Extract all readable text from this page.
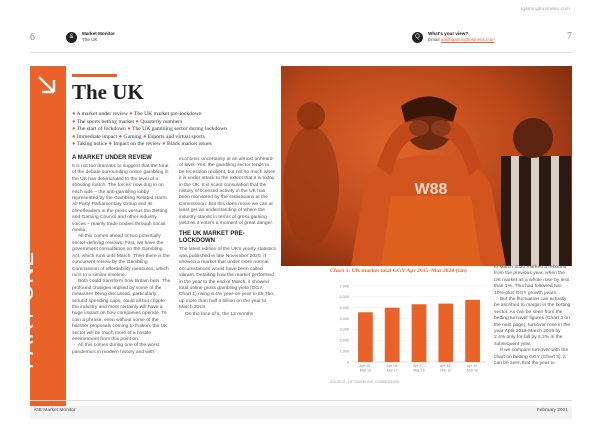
igamingbusiness.com
6	&
Market Monitor
The UK	Q
What's your view?
Email aa@igamingbusiness.com	7
PART ONE
W88
The UK
● A market under review ● The UK market pre-lockdown
● The sports betting market ● Quarterly numbers
● The start of lockdown ● The UK gambling sector during lockdown
● Immediate impact ● Gaming ● Esports and virtual sports
● Taking notice ● Impact on the review ● Black market issues
A MARKET UNDER REVIEW

It is not too dramatic to suggest that the tone of the debate surrounding online gambling in the UK has deteriorated to the level of a shouting match. The forces' now dug in on each side – the anti-gambling lobby represented by the Gambling Related Harm All Party Parliamentary Group and its cheerleaders in the press versus the Betting and Gaming Council and other industry voices – mainly trade bodies through social media.

All this comes ahead of two potentially sector-defining reviews. First, we have the government consultation on the Gambling Act, which runs until March. Then there is the concurrent review by the Gambling Commission of affordability measures, which runs to a similar timeline.

Both could transform how Britain bets. The profound changes implied by some of the measures being discussed, particularly around spending caps, could all but cripple the industry and most certainly will have a huge impact on how companies operate. To coin a phrase, even without some of the harsher proposals coming to fruition, the UK sector will be much more of a hostile environment from this point on.

All this comes during one of the worst pandemics in modern history and with

economic uncertainty at an almost unheard-of level. Yes, the gambling sector tends to be recession resilient, but not so much when it is under attack to the extent that it is today in the UK. It is scant consolation that the history of licensed activity in the UK has been monitored by the statisticians at the Commission. But this does mean we can at least get an understanding of where the industry stands in terms of gross gaming yield as it enters a moment of great danger.

THE UK MARKET PRE-LOCKDOWN

The latest edition of the UK's yearly statistics was published in late November 2020. It showed a market that under more normal circumstances would have been called vibrant. Detailing how the market performed in the year to the end of March, it showed total online gross gambling yield (GGY, Chart 1) rising 6.4% year-on-year to £5.7bn, up more than half a billion on the year to March 2019.

On the face of it, the 12 months

to March 2020 marked a rebound from the previous year, when the UK market as a whole rose by less than 1%. This had followed two 10%-plus GGY growth years.

But the fluctuation can actually be ascribed to margin in the betting sector. As can be seen from the betting turnover figures (Chart 2 on the next page), turnover rose in the year April 2018-March 2019 by 2.4% only for fall by 4.2% in the subsequent year.

If we compare turnover with the chart on betting GGY (Chart 3), it can be seen that the year to

Chart 1: UK market total GGY Apr 2015–Mar 2020 (£m)
7,000
6,000
5,000
4,000
3,000
2,000
1,000
0
Apr 15-
Mar 16
Apr 16-
Mar 17
Apr 17-
Mar 18
Apr 18-
Mar 19
Apr 19-
Mar 20
SOURCE: UK GAMBLING COMMISSION
iGB Market Monitor	February 2021
